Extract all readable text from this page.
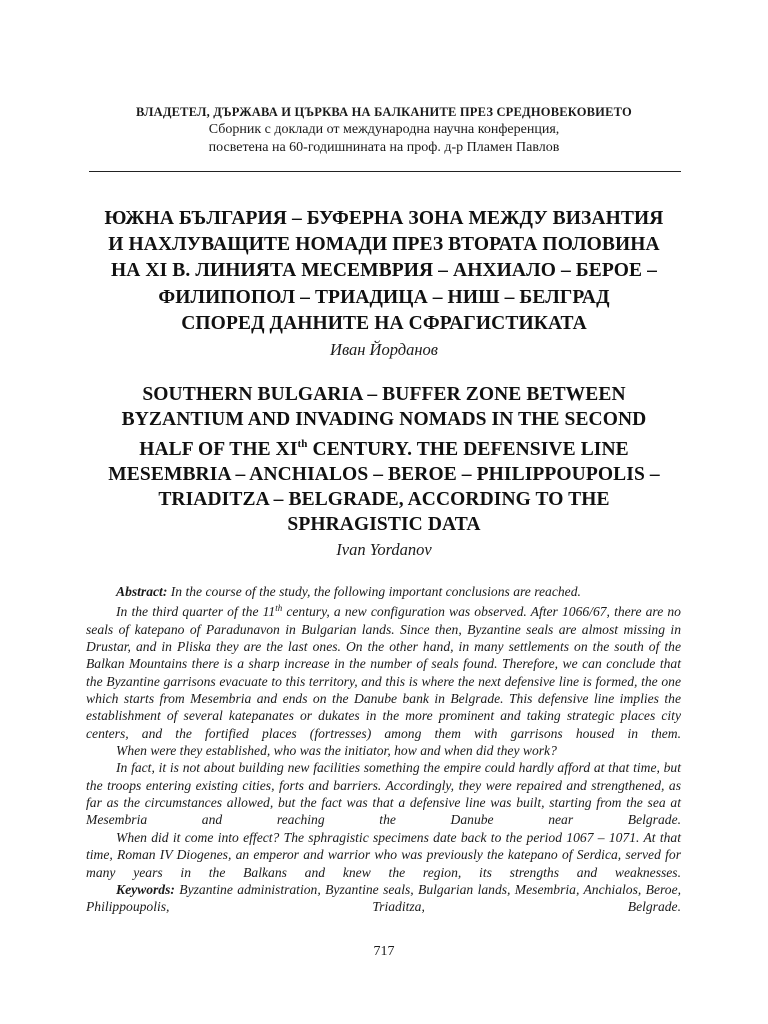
ВЛАДЕТЕЛ, ДЪРЖАВА И ЦЪРКВА НА БАЛКАНИТЕ ПРЕЗ СРЕДНОВЕКОВИЕТО
Сборник с доклади от международна научна конференция,
посветена на 60-годишнината на проф. д-р Пламен Павлов
ЮЖНА БЪЛГАРИЯ – БУФЕРНА ЗОНА МЕЖДУ ВИЗАНТИЯ
И НАХЛУВАЩИТЕ НОМАДИ ПРЕЗ ВТОРАТА ПОЛОВИНА
НА XI В. ЛИНИЯТА МЕСЕМВРИЯ – АНХИАЛО – БЕРОЕ –
ФИЛИПОПОЛ – ТРИАДИЦА – НИШ – БЕЛГРАД
СПОРЕД ДАННИТЕ НА СФРАГИСТИКАТА
Иван Йорданов
SOUTHERN BULGARIA – BUFFER ZONE BETWEEN
BYZANTIUM AND INVADING NOMADS IN THE SECOND
HALF OF THE XIth CENTURY. THE DEFENSIVE LINE
MESEMBRIA – ANCHIALOS – BEROE – PHILIPPOUPOLIS –
TRIADITZA – BELGRADE, ACCORDING TO THE
SPHRAGISTIC DATA
Ivan Yordanov

Abstract: In the course of the study, the following important conclusions are reached.

In the third quarter of the 11th century, a new configuration was observed. After 1066/67, there are no seals of katepano of Paradunavon in Bulgarian lands. Since then, Byzantine seals are almost missing in Drustar, and in Pliska they are the last ones. On the other hand, in many settlements on the south of the Balkan Mountains there is a sharp increase in the number of seals found. Therefore, we can conclude that the Byzantine garrisons evacuate to this territory, and this is where the next defensive line is formed, the one which starts from Mesembria and ends on the Danube bank in Belgrade. This defensive line implies the establishment of several katepanates or dukates in the more prominent and taking strategic places city centers, and the fortified places (fortresses) among them with garrisons housed in them.

When were they established, who was the initiator, how and when did they work?

In fact, it is not about building new facilities something the empire could hardly afford at that time, but the troops entering existing cities, forts and barriers. Accordingly, they were repaired and strengthened, as far as the circumstances allowed, but the fact was that a defensive line was built, starting from the sea at Mesembria and reaching the Danube near Belgrade.

When did it come into effect? The sphragistic specimens date back to the period 1067 – 1071. At that time, Roman IV Diogenes, an emperor and warrior who was previously the katepano of Serdica, served for many years in the Balkans and knew the region, its strengths and weaknesses.

Keywords: Byzantine administration, Byzantine seals, Bulgarian lands, Mesembria, Anchialos, Beroe, Philippoupolis, Triaditza, Belgrade.

717
